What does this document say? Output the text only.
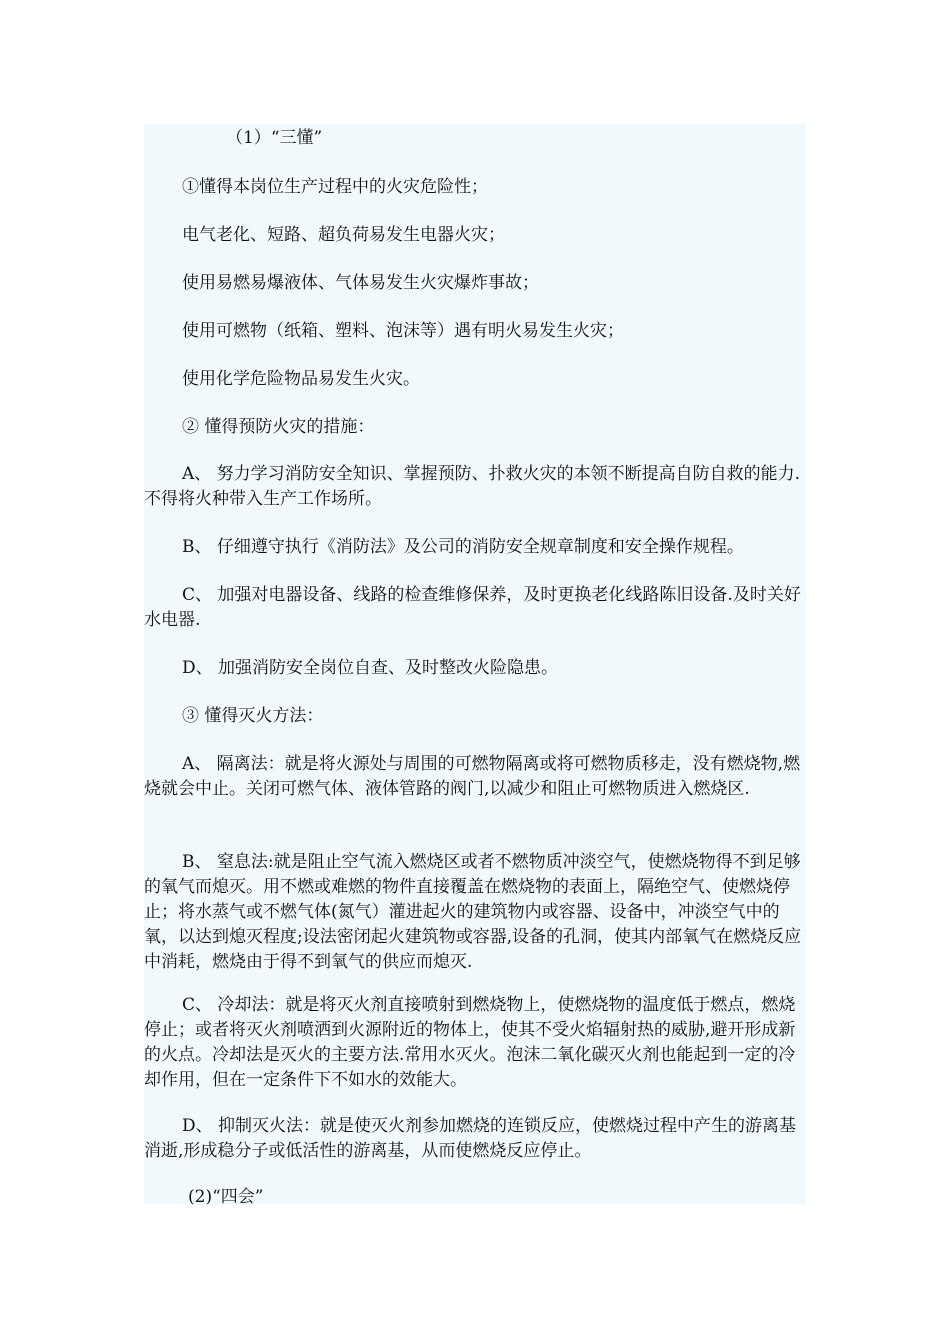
（1）“三懂”

①懂得本岗位生产过程中的火灾危险性；

电气老化、短路、超负荷易发生电器火灾；

使用易燃易爆液体、气体易发生火灾爆炸事故；

使用可燃物（纸箱、塑料、泡沫等）遇有明火易发生火灾；

使用化学危险物品易发生火灾。

② 懂得预防火灾的措施：

A、 努力学习消防安全知识、掌握预防、扑救火灾的本领不断提高自防自救的能力.不得将火种带入生产工作场所。

B、 仔细遵守执行《消防法》及公司的消防安全规章制度和安全操作规程。

C、 加强对电器设备、线路的检查维修保养，及时更换老化线路陈旧设备.及时关好水电器.

D、 加强消防安全岗位自查、及时整改火险隐患。

③ 懂得灭火方法：

A、 隔离法：就是将火源处与周围的可燃物隔离或将可燃物质移走，没有燃烧物,燃烧就会中止。关闭可燃气体、液体管路的阀门,以减少和阻止可燃物质进入燃烧区.

B、 窒息法:就是阻止空气流入燃烧区或者不燃物质冲淡空气，使燃烧物得不到足够的氧气而熄灭。用不燃或难燃的物件直接覆盖在燃烧物的表面上，隔绝空气、使燃烧停止；将水蒸气或不燃气体(氮气）灌进起火的建筑物内或容器、设备中，冲淡空气中的氧，以达到熄灭程度;设法密闭起火建筑物或容器,设备的孔洞，使其内部氧气在燃烧反应中消耗，燃烧由于得不到氧气的供应而熄灭.

C、 冷却法：就是将灭火剂直接喷射到燃烧物上，使燃烧物的温度低于燃点，燃烧停止；或者将灭火剂喷洒到火源附近的物体上，使其不受火焰辐射热的威胁,避开形成新的火点。冷却法是灭火的主要方法.常用水灭火。泡沫二氧化碳灭火剂也能起到一定的冷却作用，但在一定条件下不如水的效能大。

D、 抑制灭火法：就是使灭火剂参加燃烧的连锁反应，使燃烧过程中产生的游离基消逝,形成稳分子或低活性的游离基，从而使燃烧反应停止。

(2)“四会”
